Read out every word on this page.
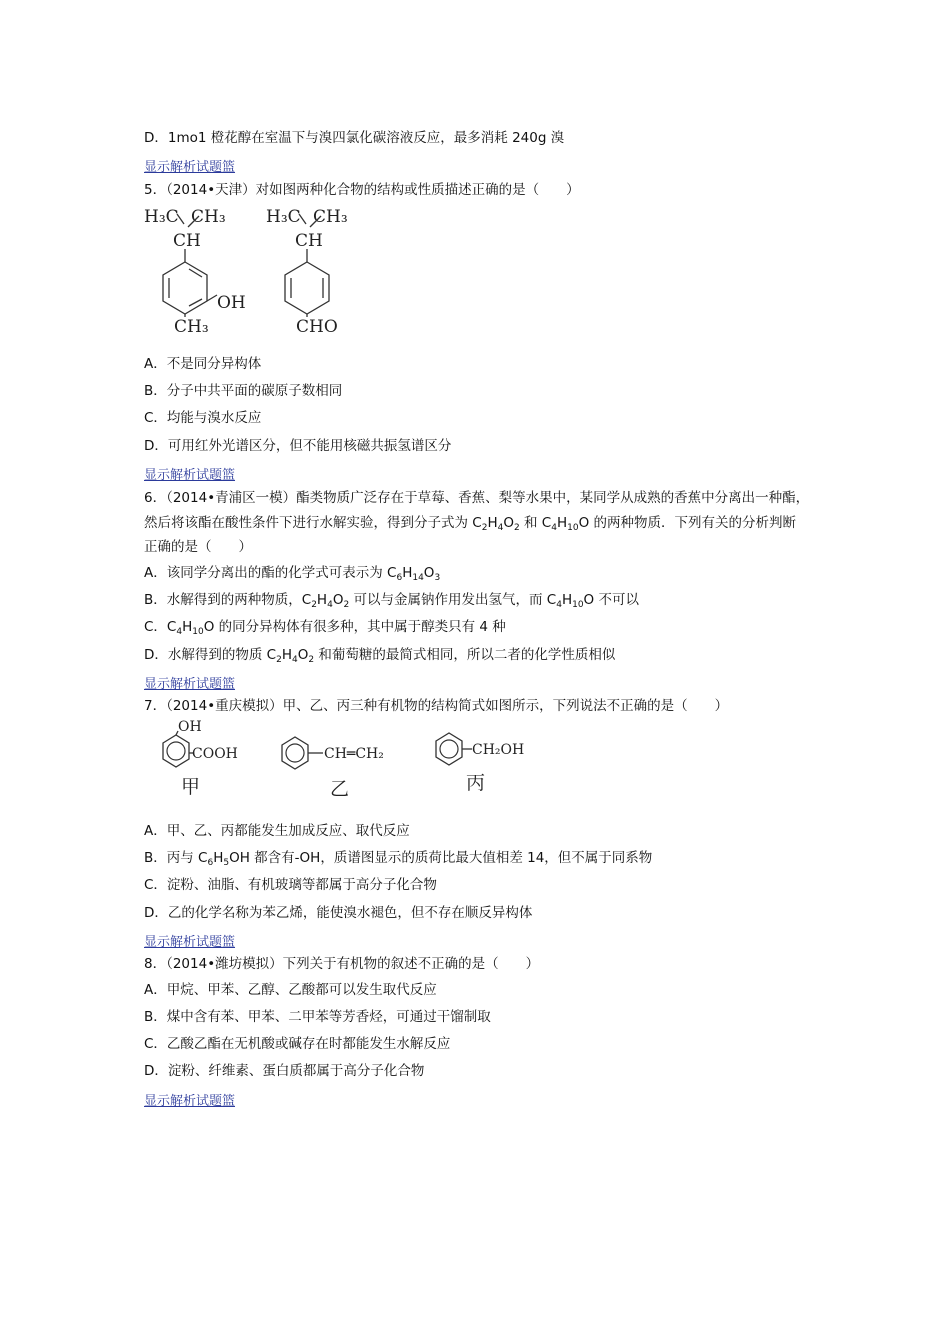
D．1mo1 橙花醇在室温下与溴四氯化碳溶液反应，最多消耗 240g 溴
显示解析试题篮
5．（2014•天津）对如图两种化合物的结构或性质描述正确的是（　　）
H₃C CH₃
CH
OH
CH₃
H₃C CH₃
CH
CHO
A．不是同分异构体
B．分子中共平面的碳原子数相同
C．均能与溴水反应
D．可用红外光谱区分，但不能用核磁共振氢谱区分
显示解析试题篮
6．（2014•青浦区一模）酯类物质广泛存在于草莓、香蕉、梨等水果中，某同学从成熟的香蕉中分离出一种酯，
然后将该酯在酸性条件下进行水解实验，得到分子式为 $C_2H_4O_2$ 和 $C_4H_{10}O$ 的两种物质．下列有关的分析判断
正确的是（　　）
A．该同学分离出的酯的化学式可表示为 $C_6H_{14}O_3$
B．水解得到的两种物质，$C_2H_4O_2$ 可以与金属钠作用发出氢气，而 $C_4H_{10}O$ 不可以
C．$C_4H_{10}O$ 的同分异构体有很多种，其中属于醇类只有 4 种
D．水解得到的物质 $C_2H_4O_2$ 和葡萄糖的最简式相同，所以二者的化学性质相似
显示解析试题篮
7．（2014•重庆模拟）甲、乙、丙三种有机物的结构简式如图所示，下列说法不正确的是（　　）
OH
COOH
甲
CH═CH₂
乙
CH₂OH
丙
A．甲、乙、丙都能发生加成反应、取代反应
B．丙与 $C_6H_5OH$ 都含有-OH，质谱图显示的质荷比最大值相差 14，但不属于同系物
C．淀粉、油脂、有机玻璃等都属于高分子化合物
D．乙的化学名称为苯乙烯，能使溴水褪色，但不存在顺反异构体
显示解析试题篮
8．（2014•潍坊模拟）下列关于有机物的叙述不正确的是（　　）
A．甲烷、甲苯、乙醇、乙酸都可以发生取代反应
B．煤中含有苯、甲苯、二甲苯等芳香烃，可通过干馏制取
C．乙酸乙酯在无机酸或碱存在时都能发生水解反应
D．淀粉、纤维素、蛋白质都属于高分子化合物
显示解析试题篮
